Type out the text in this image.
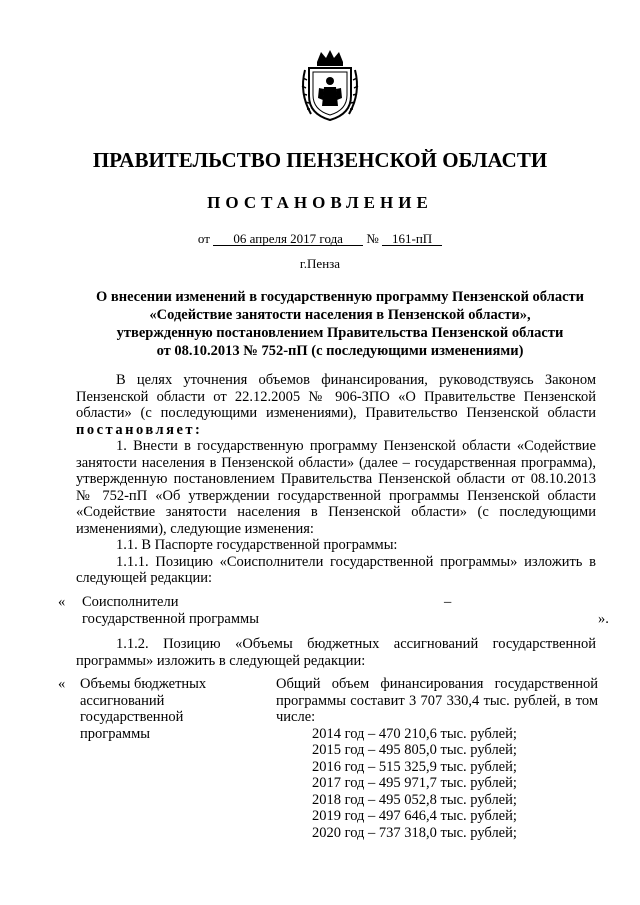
ПРАВИТЕЛЬСТВО ПЕНЗЕНСКОЙ ОБЛАСТИ
ПОСТАНОВЛЕНИЕ
от 06 апреля 2017 года № 161-пП
г.Пенза
О внесении изменений в государственную программу Пензенской области
«Содействие занятости населения в Пензенской области»,
утвержденную постановлением Правительства Пензенской области
от 08.10.2013 № 752-пП (с последующими изменениями)

В целях уточнения объемов финансирования, руководствуясь Законом Пензенской области от 22.12.2005 № 906-ЗПО «О Правительстве Пензенской области» (с последующими изменениями), Правительство Пензенской области постановляет:

1. Внести в государственную программу Пензенской области «Содействие занятости населения в Пензенской области» (далее – государственная программа), утвержденную постановлением Правительства Пензенской области от 08.10.2013 № 752-пП «Об утверждении государственной программы Пензенской области «Содействие занятости населения в Пензенской области» (с последующими изменениями), следующие изменения:

1.1. В Паспорте государственной программы:

1.1.1. Позицию «Соисполнители государственной программы» изложить в следующей редакции:

« Соисполнители
государственной программы
–
».

1.1.2. Позицию «Объемы бюджетных ассигнований государственной программы» изложить в следующей редакции:

« Объемы бюджетных
ассигнований
государственной
программы
Общий объем финансирования государственной программы составит 3 707 330,4 тыс. рублей, в том числе:
2014 год – 470 210,6 тыс. рублей;
2015 год – 495 805,0 тыс. рублей;
2016 год – 515 325,9 тыс. рублей;
2017 год – 495 971,7 тыс. рублей;
2018 год – 495 052,8 тыс. рублей;
2019 год – 497 646,4 тыс. рублей;
2020 год – 737 318,0 тыс. рублей;
